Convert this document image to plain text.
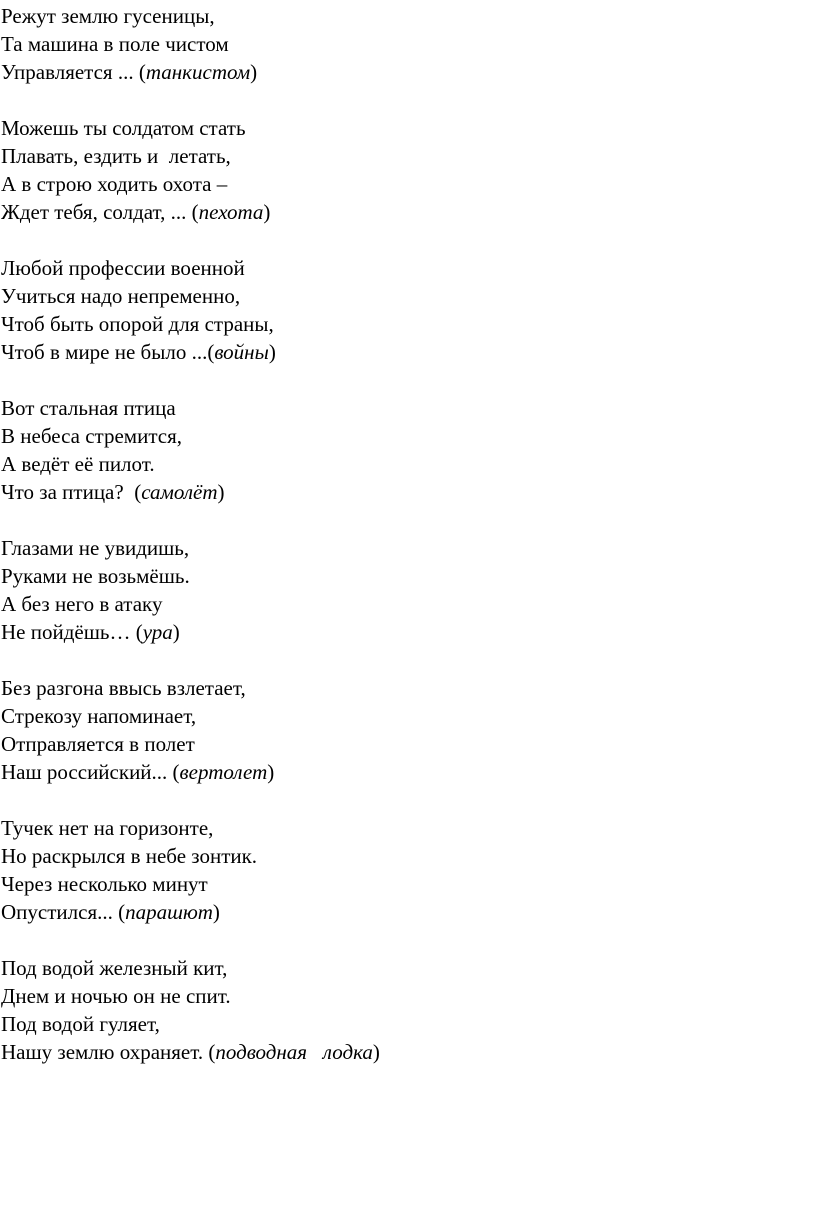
Режут землю гусеницы,
Та машина в поле чистом
Управляется ... (танкистом)
Можешь ты солдатом стать
Плавать, ездить и  летать,
А в строю ходить охота –
Ждет тебя, солдат, ... (пехота)
Любой профессии военной
Учиться надо непременно,
Чтоб быть опорой для страны,
Чтоб в мире не было ...(войны)
Вот стальная птица
В небеса стремится,
А ведёт её пилот.
Что за птица?  (самолёт)
Глазами не увидишь,
Руками не возьмёшь.
А без него в атаку
Не пойдёшь… (ура)
Без разгона ввысь взлетает,
Стрекозу напоминает,
Отправляется в полет
Наш российский... (вертолет)
Тучек нет на горизонте,
Но раскрылся в небе зонтик.
Через несколько минут
Опустился... (парашют)
Под водой железный кит,
Днем и ночью он не спит.
Под водой гуляет,
Нашу землю охраняет. (подводная   лодка)
